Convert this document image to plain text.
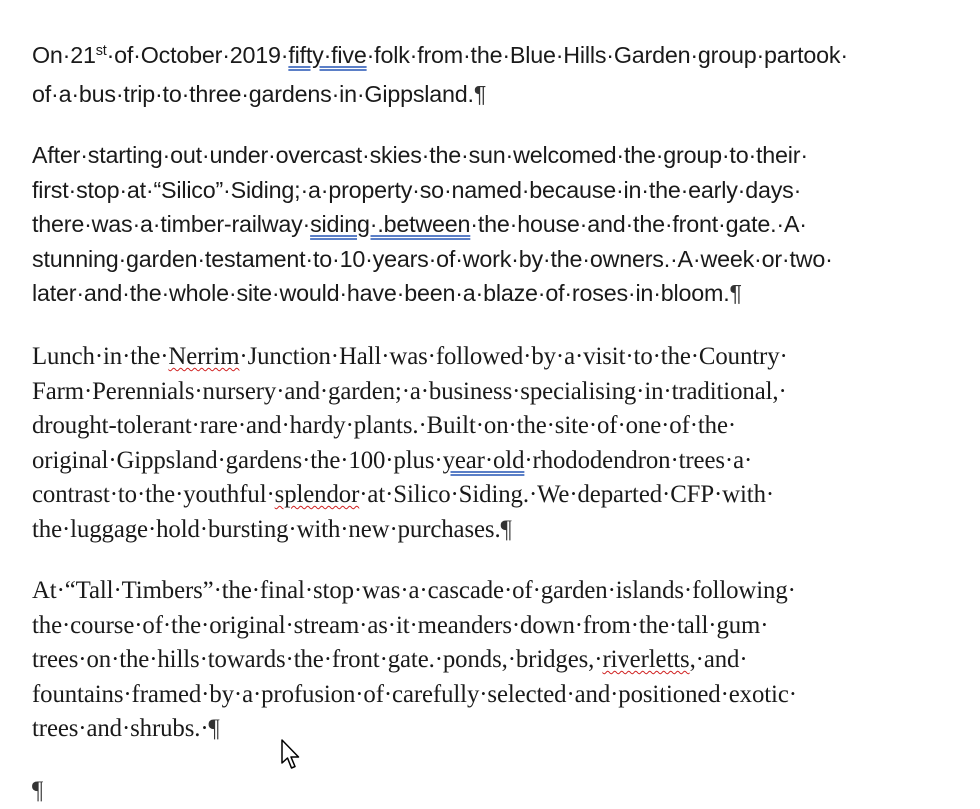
On·21st·of·October·2019·fifty·five·folk·from·the·Blue·Hills·Garden·group·partook·
of·a·bus·trip·to·three·gardens·in·Gippsland.¶

After·starting·out·under·overcast·skies·the·sun·welcomed·the·group·to·their·
first·stop·at·“Silico”·Siding;·a·property·so·named·because·in·the·early·days·
there·was·a·timber-railway·siding·.between·the·house·and·the·front·gate.·A·
stunning·garden·testament·to·10·years·of·work·by·the·owners.·A·week·or·two·
later·and·the·whole·site·would·have·been·a·blaze·of·roses·in·bloom.¶

Lunch·in·the·Nerrim·Junction·Hall·was·followed·by·a·visit·to·the·Country·
Farm·Perennials·nursery·and·garden;·a·business·specialising·in·traditional,·
drought-tolerant·rare·and·hardy·plants.·Built·on·the·site·of·one·of·the·
original·Gippsland·gardens·the·100·plus·year·old·rhododendron·trees·a·
contrast·to·the·youthful·splendor·at·Silico·Siding.·We·departed·CFP·with·
the·luggage·hold·bursting·with·new·purchases.¶

At·“Tall·Timbers”·the·final·stop·was·a·cascade·of·garden·islands·following·
the·course·of·the·original·stream·as·it·meanders·down·from·the·tall·gum·
trees·on·the·hills·towards·the·front·gate.·ponds,·bridges,·riverletts,·and·
fountains·framed·by·a·profusion·of·carefully·selected·and·positioned·exotic·
trees·and·shrubs.·¶

¶
